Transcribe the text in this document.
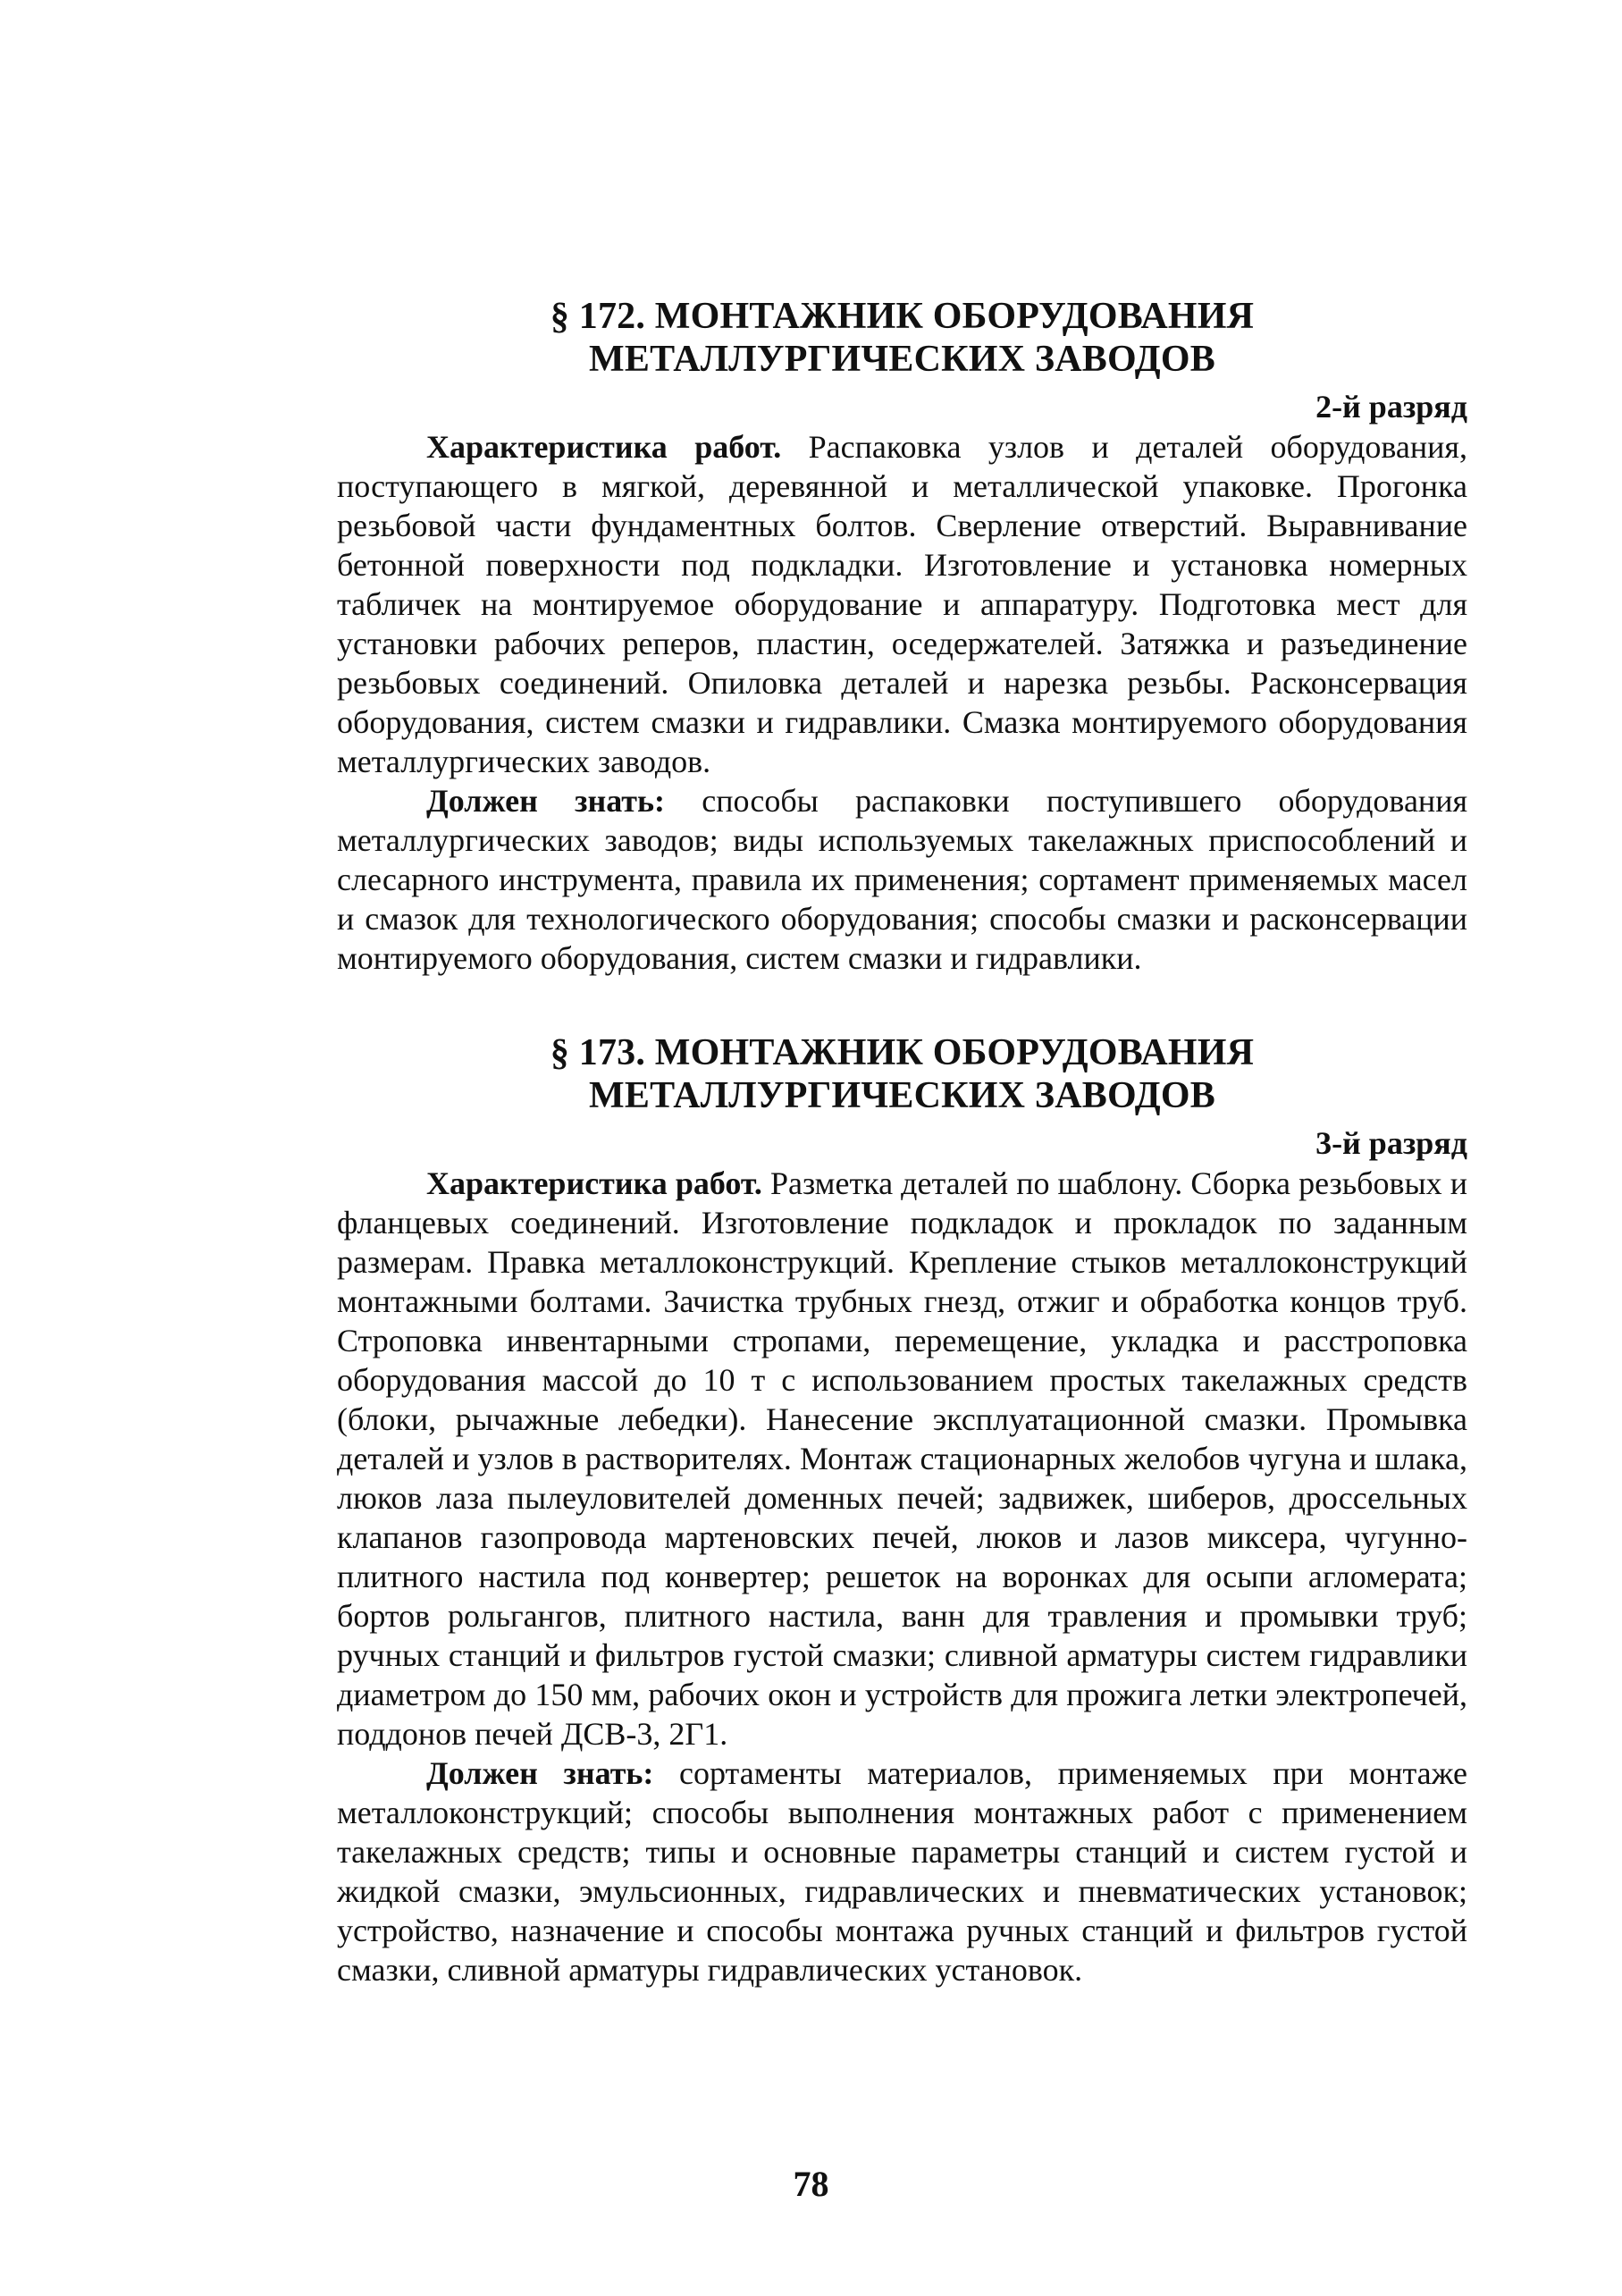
§ 172. МОНТАЖНИК ОБОРУДОВАНИЯ МЕТАЛЛУРГИЧЕСКИХ ЗАВОДОВ
2-й разряд

Характеристика работ. Распаковка узлов и деталей оборудования, поступающего в мягкой, деревянной и металлической упаковке. Прогонка резьбовой части фундаментных болтов. Сверление отверстий. Выравнивание бетонной поверхности под подкладки. Изготовление и установка номерных табличек на монтируемое оборудование и аппаратуру. Подготовка мест для установки рабочих реперов, пластин, оседержателей. Затяжка и разъединение резьбовых соединений. Опиловка деталей и нарезка резьбы. Расконсервация оборудования, систем смазки и гидравлики. Смазка монтируемого оборудования металлургических заводов.

Должен знать: способы распаковки поступившего оборудования металлургических заводов; виды используемых такелажных приспособлений и слесарного инструмента, правила их применения; сортамент применяемых масел и смазок для технологического оборудования; способы смазки и расконсервации монтируемого оборудования, систем смазки и гидравлики.

§ 173. МОНТАЖНИК ОБОРУДОВАНИЯ МЕТАЛЛУРГИЧЕСКИХ ЗАВОДОВ
3-й разряд

Характеристика работ. Разметка деталей по шаблону. Сборка резьбовых и фланцевых соединений. Изготовление подкладок и прокладок по заданным размерам. Правка металлоконструкций. Крепление стыков металлоконструкций монтажными болтами. Зачистка трубных гнезд, отжиг и обработка концов труб. Строповка инвентарными стропами, перемещение, укладка и расстроповка оборудования массой до 10 т с использованием простых такелажных средств (блоки, рычажные лебедки). Нанесение эксплуатационной смазки. Промывка деталей и узлов в растворителях. Монтаж стационарных желобов чугуна и шлака, люков лаза пылеуловителей доменных печей; задвижек, шиберов, дроссельных клапанов газопровода мартеновских печей, люков и лазов миксера, чугунно-плитного настила под конвертер; решеток на воронках для осыпи агломерата; бортов рольгангов, плитного настила, ванн для травления и промывки труб; ручных станций и фильтров густой смазки; сливной арматуры систем гидравлики диаметром до 150 мм, рабочих окон и устройств для прожига летки электропечей, поддонов печей ДСВ-3, 2Г1.

Должен знать: сортаменты материалов, применяемых при монтаже металлоконструкций; способы выполнения монтажных работ с применением такелажных средств; типы и основные параметры станций и систем густой и жидкой смазки, эмульсионных, гидравлических и пневматических установок; устройство, назначение и способы монтажа ручных станций и фильтров густой смазки, сливной арматуры гидравлических установок.

78
